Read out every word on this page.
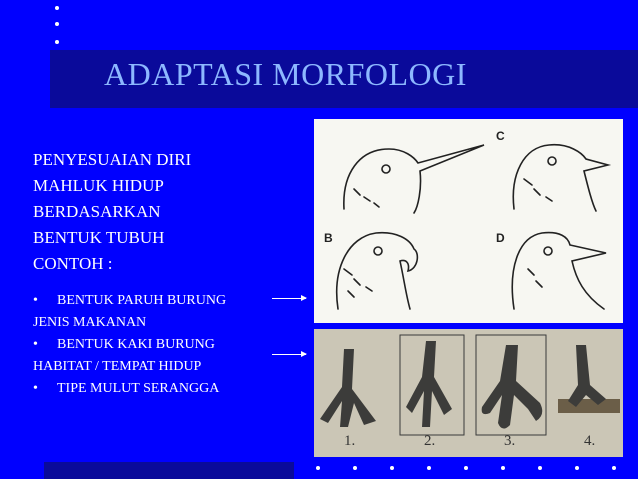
ADAPTASI MORFOLOGI
PENYESUAIAN DIRI
MAHLUK HIDUP
BERDASARKAN
BENTUK TUBUH
CONTOH :
• BENTUK PARUH BURUNG
JENIS MAKANAN
• BENTUK KAKI BURUNG
HABITAT / TEMPAT HIDUP
• TIPE MULUT SERANGGA
C
B	D
1.	2.	3.	4.
